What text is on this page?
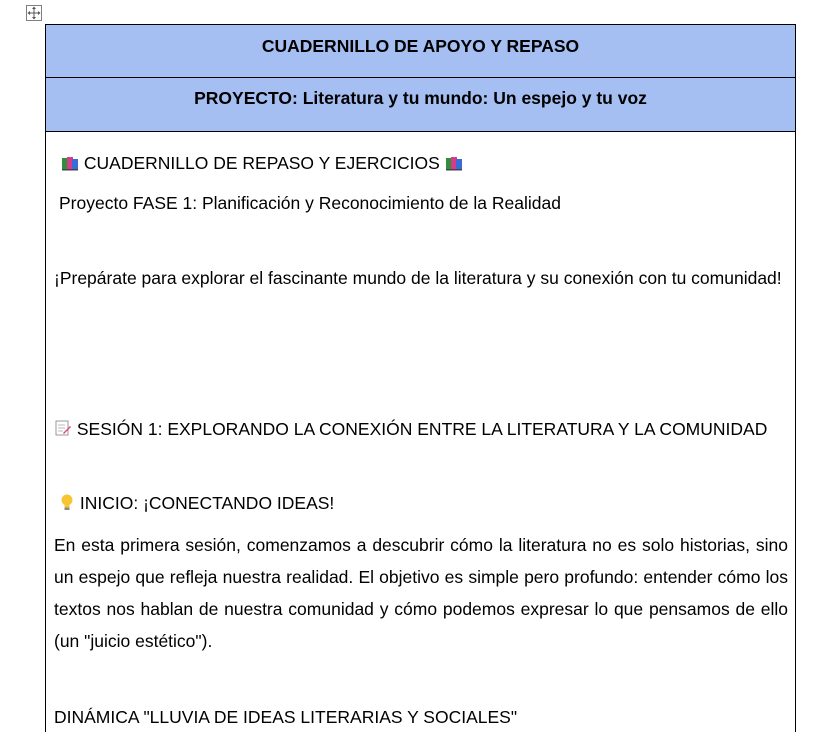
CUADERNILLO DE APOYO Y REPASO
PROYECTO: Literatura y tu mundo: Un espejo y tu voz
CUADERNILLO DE REPASO Y EJERCICIOS
Proyecto FASE 1: Planificación y Reconocimiento de la Realidad
¡Prepárate para explorar el fascinante mundo de la literatura y su conexión con tu comunidad!
SESIÓN 1: EXPLORANDO LA CONEXIÓN ENTRE LA LITERATURA Y LA COMUNIDAD
INICIO: ¡CONECTANDO IDEAS!
En esta primera sesión, comenzamos a descubrir cómo la literatura no es solo historias, sino un espejo que refleja nuestra realidad. El objetivo es simple pero profundo: entender cómo los textos nos hablan de nuestra comunidad y cómo podemos expresar lo que pensamos de ello (un "juicio estético").
DINÁMICA "LLUVIA DE IDEAS LITERARIAS Y SOCIALES"
